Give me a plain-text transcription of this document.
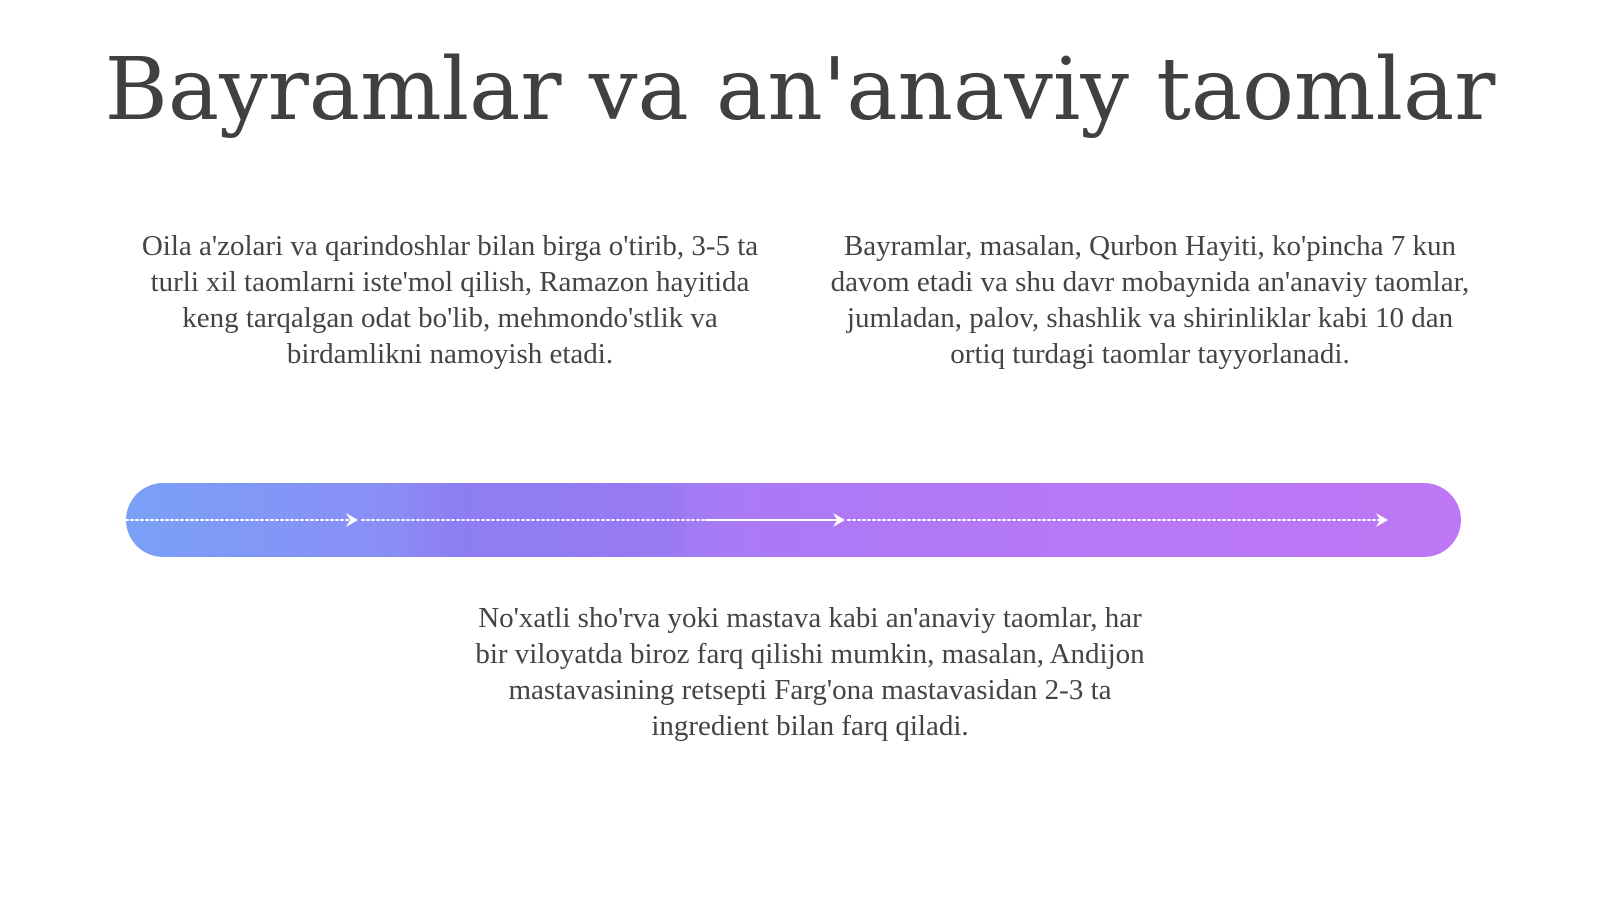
Bayramlar va an'anaviy taomlar
Oila a'zolari va qarindoshlar bilan birga o'tirib, 3-5 ta turli xil taomlarni iste'mol qilish, Ramazon hayitida keng tarqalgan odat bo'lib, mehmondo'stlik va birdamlikni namoyish etadi.
Bayramlar, masalan, Qurbon Hayiti, ko'pincha 7 kun davom etadi va shu davr mobaynida an'anaviy taomlar, jumladan, palov, shashlik va shirinliklar kabi 10 dan ortiq turdagi taomlar tayyorlanadi.
No'xatli sho'rva yoki mastava kabi an'anaviy taomlar, har bir viloyatda biroz farq qilishi mumkin, masalan, Andijon mastavasining retsepti Farg'ona mastavasidan 2-3 ta ingredient bilan farq qiladi.
